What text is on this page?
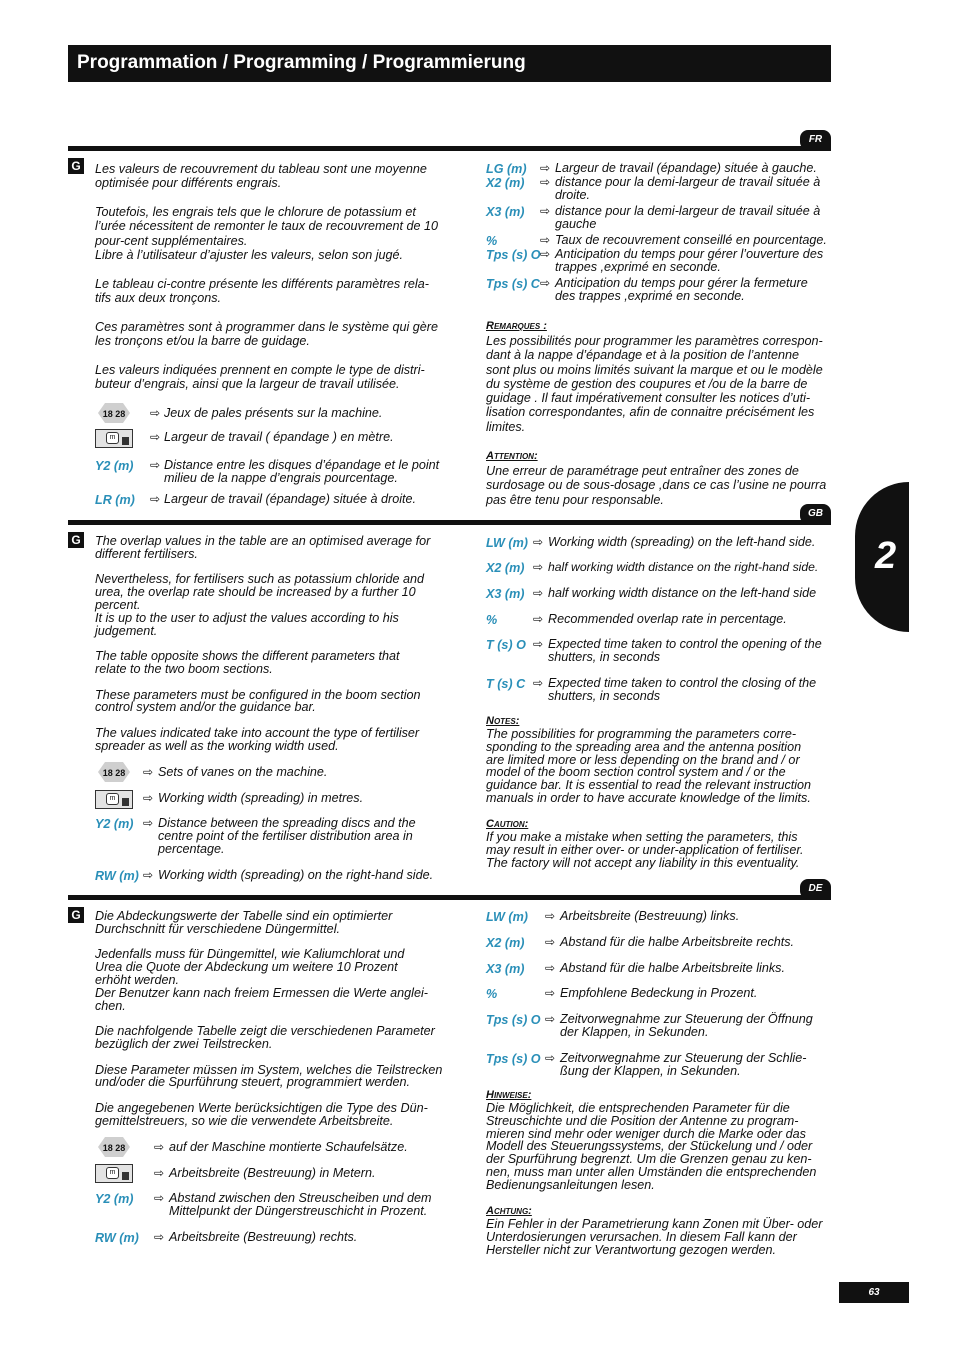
Programmation / Programming / Programmierung
2
FR
G Les valeurs de recouvrement du tableau sont une moyenne
optimisée pour différents engrais.
Toutefois, les engrais tels que le chlorure de potassium et
l’urée nécessitent de remonter le taux de recouvrement de 10
pour-cent supplémentaires.
Libre à l’utilisateur d’ajuster les valeurs, selon son jugé.
Le tableau ci-contre présente les différents paramètres rela-
tifs aux deux tronçons.
Ces paramètres sont à programmer dans le système qui gère
les tronçons et/ou la barre de guidage.
Les valeurs indiquées prennent en compte le type de distri-
buteur d’engrais, ainsi que la largeur de travail utilisée.
18 28 ⇨ Jeux de pales présents sur la machine.
m	⇨ Largeur de travail ( épandage ) en mètre.
Y2 (m) ⇨ Distance entre les disques d’épandage et le point
milieu de la nappe d’engrais pourcentage.
LR (m) ⇨ Largeur de travail (épandage) située à droite.
LG (m) ⇨ Largeur de travail (épandage) située à gauche.
X2 (m) ⇨ distance pour la demi-largeur de travail située à
droite.
X3 (m) ⇨ distance pour la demi-largeur de travail située à
gauche
%	⇨ Taux de recouvrement conseillé en pourcentage.
Tps (s) O ⇨ Anticipation du temps pour gérer l’ouverture des
trappes ,exprimé en seconde.
Tps (s) C ⇨ Anticipation du temps pour gérer la fermeture
des trappes ,exprimé en seconde.
Remarques :
Les possibilités pour programmer les paramètres correspon-
dant à la nappe d’épandage et à la position de l’antenne
sont plus ou moins limités suivant la marque et ou le modèle
du système de gestion des coupures et /ou de la barre de
guidage . Il faut impérativement consulter les notices d’uti-
lisation correspondantes, afin de connaitre précisément les
limites.
Attention:
Une erreur de paramétrage peut entraîner des zones de
surdosage ou de sous-dosage ,dans ce cas l’usine ne pourra
pas être tenu pour responsable.
GB
G The overlap values in the table are an optimised average for
different fertilisers.
Nevertheless, for fertilisers such as potassium chloride and
urea, the overlap rate should be increased by a further 10
percent.
It is up to the user to adjust the values according to his
judgement.
The table opposite shows the different parameters that
relate to the two boom sections.
These parameters must be configured in the boom section
control system and/or the guidance bar.
The values indicated take into account the type of fertiliser
spreader as well as the working width used.
18 28 ⇨ Sets of vanes on the machine.
m ⇨ Working width (spreading) in metres.
Y2 (m) ⇨ Distance between the spreading discs and the
centre point of the fertiliser distribution area in
percentage.
RW (m) ⇨ Working width (spreading) on the right-hand side.
LW (m) ⇨ Working width (spreading) on the left-hand side.
X2 (m) ⇨ half working width distance on the right-hand side.
X3 (m) ⇨ half working width distance on the left-hand side
%	⇨ Recommended overlap rate in percentage.
T (s) O ⇨ Expected time taken to control the opening of the
shutters, in seconds
T (s) C ⇨ Expected time taken to control the closing of the
shutters, in seconds
Notes:
The possibilities for programming the parameters corre-
sponding to the spreading area and the antenna position
are limited more or less depending on the brand and / or
model of the boom section control system and / or the
guidance bar. It is essential to read the relevant instruction
manuals in order to have accurate knowledge of the limits.
Caution:
If you make a mistake when setting the parameters, this
may result in either over- or under-application of fertiliser.
The factory will not accept any liability in this eventuality.
DE
G Die Abdeckungswerte der Tabelle sind ein optimierter
Durchschnitt für verschiedene Düngermittel.
Jedenfalls muss für Düngemittel, wie Kaliumchlorat und
Urea die Quote der Abdeckung um weitere 10 Prozent
erhöht werden.
Der Benutzer kann nach freiem Ermessen die Werte anglei-
chen.
Die nachfolgende Tabelle zeigt die verschiedenen Parameter
bezüglich der zwei Teilstrecken.
Diese Parameter müssen im System, welches die Teilstrecken
und/oder die Spurführung steuert, programmiert werden.
Die angegebenen Werte berücksichtigen die Type des Dün-
gemittelstreuers, so wie die verwendete Arbeitsbreite.
18 28 ⇨ auf der Maschine montierte Schaufelsätze.
m	⇨ Arbeitsbreite (Bestreuung) in Metern.
Y2 (m) ⇨ Abstand zwischen den Streuscheiben und dem
Mittelpunkt der Düngerstreuschicht in Prozent.
RW (m) ⇨ Arbeitsbreite (Bestreuung) rechts.
LW (m) ⇨ Arbeitsbreite (Bestreuung) links.
X2 (m) ⇨ Abstand für die halbe Arbeitsbreite rechts.
X3 (m) ⇨ Abstand für die halbe Arbeitsbreite links.
%	⇨ Empfohlene Bedeckung in Prozent.
Tps (s) O ⇨ Zeitvorwegnahme zur Steuerung der Öffnung
der Klappen, in Sekunden.
Tps (s) O ⇨ Zeitvorwegnahme zur Steuerung der Schlie-
ßung der Klappen, in Sekunden.
Hinweise:
Die Möglichkeit, die entsprechenden Parameter für die
Streuschichte und die Position der Antenne zu program-
mieren sind mehr oder weniger durch die Marke oder das
Modell des Steuerungssystems, der Stückelung und / oder
der Spurführung begrenzt. Um die Grenzen genau zu ken-
nen, muss man unter allen Umständen die entsprechenden
Bedienungsanleitungen lesen.
Achtung:
Ein Fehler in der Parametrierung kann Zonen mit Über- oder
Unterdosierungen verursachen. In diesem Fall kann der
Hersteller nicht zur Verantwortung gezogen werden.
63
